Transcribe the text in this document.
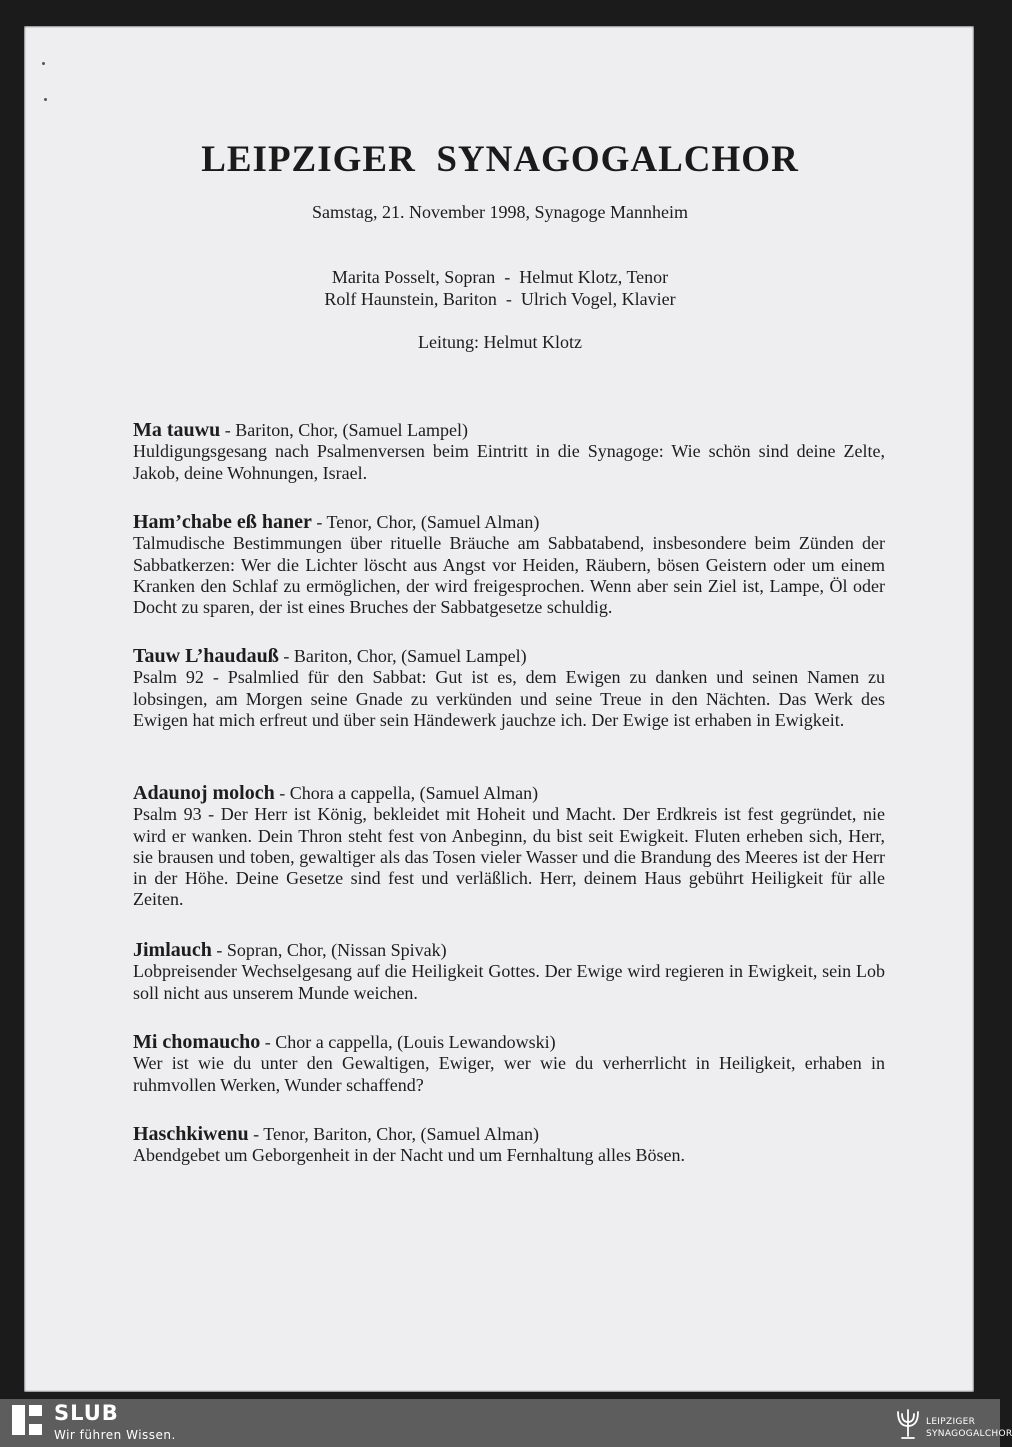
LEIPZIGER  SYNAGOGALCHOR
Samstag, 21. November 1998, Synagoge Mannheim
Marita Posselt, Sopran  -  Helmut Klotz, Tenor
Rolf Haunstein, Bariton  -  Ulrich Vogel, Klavier
Leitung: Helmut Klotz
Ma tauwu - Bariton, Chor, (Samuel Lampel)
Huldigungsgesang nach Psalmenversen beim Eintritt in die Synagoge: Wie schön sind deine Zelte, Jakob, deine Wohnungen, Israel.
Ham’chabe eß haner - Tenor, Chor, (Samuel Alman)
Talmudische Bestimmungen über rituelle Bräuche am Sabbatabend, insbesondere beim Zünden der Sabbatkerzen: Wer die Lichter löscht aus Angst vor Heiden, Räubern, bösen Geistern oder um einem Kranken den Schlaf zu ermöglichen, der wird freigesprochen. Wenn aber sein Ziel ist, Lampe, Öl oder Docht zu sparen, der ist eines Bruches der Sabbatgesetze schuldig.
Tauw L’haudauß - Bariton, Chor, (Samuel Lampel)
Psalm 92 - Psalmlied für den Sabbat: Gut ist es, dem Ewigen zu danken und seinen Namen zu lobsingen, am Morgen seine Gnade zu verkünden und seine Treue in den Nächten. Das Werk des Ewigen hat mich erfreut und über sein Händewerk jauchze ich. Der Ewige ist erhaben in Ewigkeit.
Adaunoj moloch - Chora a cappella, (Samuel Alman)
Psalm 93 - Der Herr ist König, bekleidet mit Hoheit und Macht. Der Erdkreis ist fest gegründet, nie wird er wanken. Dein Thron steht fest von Anbeginn, du bist seit Ewigkeit. Fluten erheben sich, Herr, sie brausen und toben, gewaltiger als das Tosen vieler Wasser und die Brandung des Meeres ist der Herr in der Höhe. Deine Gesetze sind fest und verläßlich. Herr, deinem Haus gebührt Heiligkeit für alle Zeiten.
Jimlauch - Sopran, Chor, (Nissan Spivak)
Lobpreisender Wechselgesang auf die Heiligkeit Gottes. Der Ewige wird regieren in Ewigkeit, sein Lob soll nicht aus unserem Munde weichen.
Mi chomaucho - Chor a cappella, (Louis Lewandowski)
Wer ist wie du unter den Gewaltigen, Ewiger, wer wie du verherrlicht in Heiligkeit, erhaben in ruhmvollen Werken, Wunder schaffend?
Haschkiwenu - Tenor, Bariton, Chor, (Samuel Alman)
Abendgebet um Geborgenheit in der Nacht und um Fernhaltung alles Bösen.
SLUB
Wir führen Wissen.
LEIPZIGER
SYNAGOGALCHOR
